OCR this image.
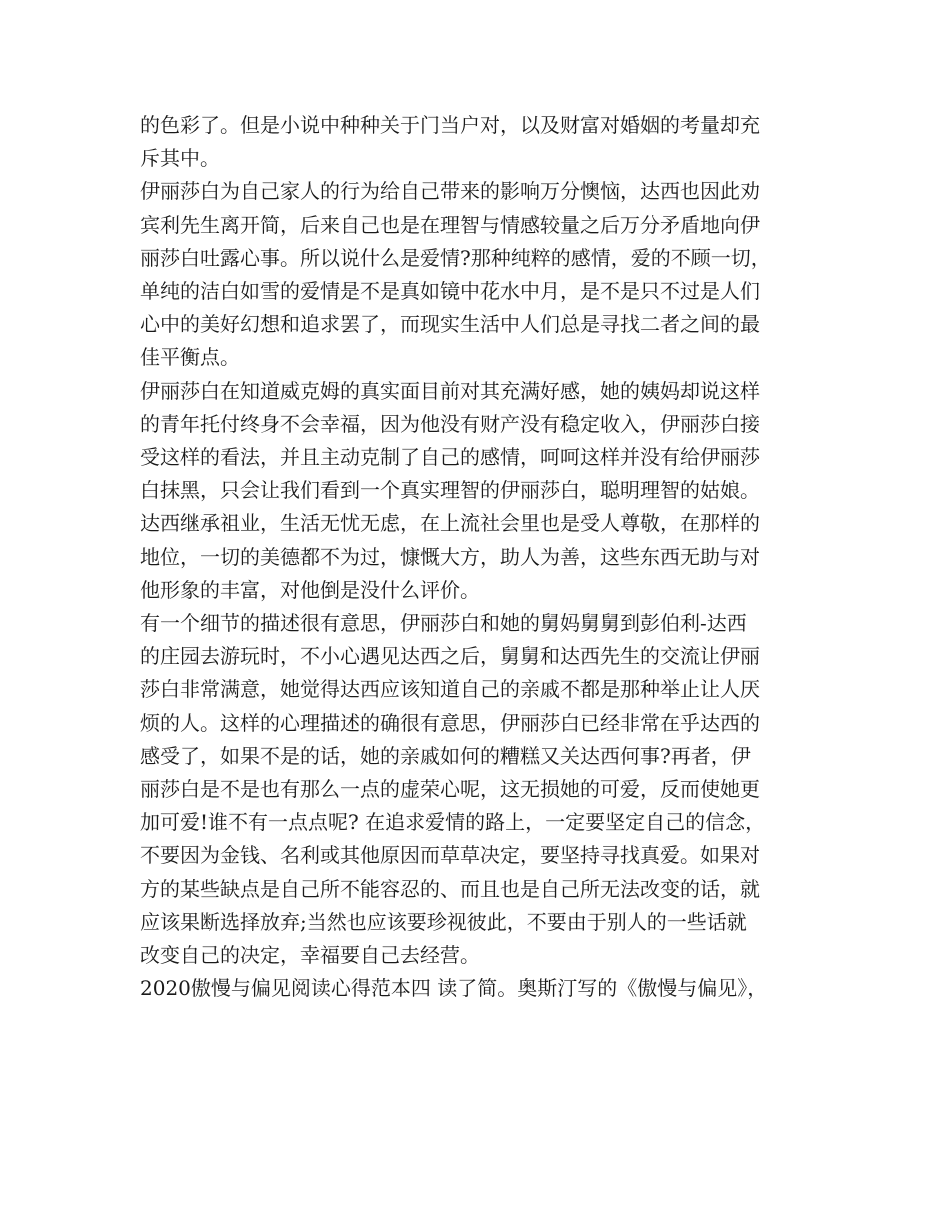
的色彩了。但是小说中种种关于门当户对，以及财富对婚姻的考量却充
斥其中。

伊丽莎白为自己家人的行为给自己带来的影响万分懊恼，达西也因此劝
宾利先生离开简，后来自己也是在理智与情感较量之后万分矛盾地向伊
丽莎白吐露心事。所以说什么是爱情?那种纯粹的感情，爱的不顾一切，
单纯的洁白如雪的爱情是不是真如镜中花水中月，是不是只不过是人们
心中的美好幻想和追求罢了，而现实生活中人们总是寻找二者之间的最
佳平衡点。

伊丽莎白在知道威克姆的真实面目前对其充满好感，她的姨妈却说这样
的青年托付终身不会幸福，因为他没有财产没有稳定收入，伊丽莎白接
受这样的看法，并且主动克制了自己的感情，呵呵这样并没有给伊丽莎
白抹黑，只会让我们看到一个真实理智的伊丽莎白，聪明理智的姑娘。

达西继承祖业，生活无忧无虑，在上流社会里也是受人尊敬，在那样的
地位，一切的美德都不为过，慷慨大方，助人为善，这些东西无助与对
他形象的丰富，对他倒是没什么评价。

有一个细节的描述很有意思，伊丽莎白和她的舅妈舅舅到彭伯利-达西
的庄园去游玩时，不小心遇见达西之后，舅舅和达西先生的交流让伊丽
莎白非常满意，她觉得达西应该知道自己的亲戚不都是那种举止让人厌
烦的人。这样的心理描述的确很有意思，伊丽莎白已经非常在乎达西的
感受了，如果不是的话，她的亲戚如何的糟糕又关达西何事?再者，伊
丽莎白是不是也有那么一点的虚荣心呢，这无损她的可爱，反而使她更
加可爱!谁不有一点点呢? 在追求爱情的路上，一定要坚定自己的信念，
不要因为金钱、名利或其他原因而草草决定，要坚持寻找真爱。如果对
方的某些缺点是自己所不能容忍的、而且也是自己所无法改变的话，就
应该果断选择放弃;当然也应该要珍视彼此，不要由于别人的一些话就
改变自己的决定，幸福要自己去经营。

2020傲慢与偏见阅读心得范本四 读了简。奥斯汀写的《傲慢与偏见》，
